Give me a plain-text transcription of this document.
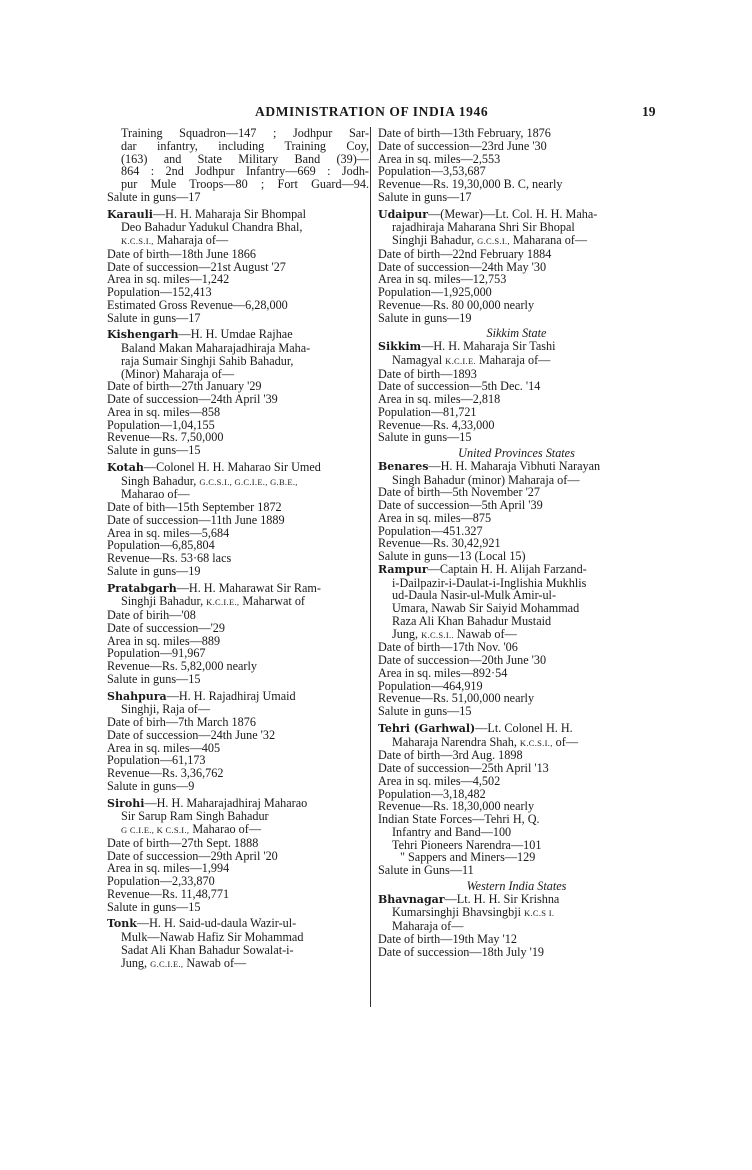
ADMINISTRATION OF INDIA 1946	19
Training Squadron—147 ; Jodhpur Sar-
dar infantry, including Training Coy,
(163) and State Military Band (39)—
864 : 2nd Jodhpur Infantry—669 : Jodh-
pur Mule Troops—80 ; Fort Guard—94.
Salute in guns—17
Karauli—H. H. Maharaja Sir Bhompal
Deo Bahadur Yadukul Chandra Bhal,
K.C.S.I., Maharaja of—
Date of birth—18th June 1866
Date of succession—21st August '27
Area in sq. miles—1,242
Population—152,413
Estimated Gross Revenue—6,28,000
Salute in guns—17
Kishengarh—H. H. Umdae Rajhae
Baland Makan Maharajadhiraja Maha-
raja Sumair Singhji Sahib Bahadur,
(Minor) Maharaja of—
Date of birth—27th January '29
Date of succession—24th April '39
Area in sq. miles—858
Population—1,04,155
Revenue—Rs. 7,50,000
Salute in guns—15
Kotah—Colonel H. H. Maharao Sir Umed
Singh Bahadur, G.C.S.I., G.C.I.E., G.B.E.,
Maharao of—
Date of bith—15th September 1872
Date of succession—11th June 1889
Area in sq. miles—5,684
Population—6,85,804
Revenue—Rs. 53·68 lacs
Salute in guns—19
Pratabgarh—H. H. Maharawat Sir Ram-
Singhji Bahadur, K.C.I.E., Maharwat of
Date of birih—'08
Date of succession—'29
Area in sq. miles—889
Population—91,967
Revenue—Rs. 5,82,000 nearly
Salute in guns—15
Shahpura—H. H. Rajadhiraj Umaid
Singhji, Raja of—
Date of birh—7th March 1876
Date of succession—24th June '32
Area in sq. miles—405
Population—61,173
Revenue—Rs. 3,36,762
Salute in guns—9
Sirohi—H. H. Maharajadhiraj Maharao
Sir Sarup Ram Singh Bahadur
G C.I.E., K C.S.I., Maharao of—
Date of birth—27th Sept. 1888
Date of succession—29th April '20
Area in sq. miles—1,994
Population—2,33,870
Revenue—Rs. 11,48,771
Salute in guns—15
Tonk—H. H. Said-ud-daula Wazir-ul-
Mulk—Nawab Hafiz Sir Mohammad
Sadat Ali Khan Bahadur Sowalat-i-
Jung, G.C.I.E., Nawab of—
Date of birth—13th February, 1876
Date of succession—23rd June '30
Area in sq. miles—2,553
Population—3,53,687
Revenue—Rs. 19,30,000 B. C, nearly
Salute in guns—17
Udaipur—(Mewar)—Lt. Col. H. H. Maha-
rajadhiraja Maharana Shri Sir Bhopal
Singhji Bahadur, G.C.S.I., Maharana of—
Date of birth—22nd February 1884
Date of succession—24th May '30
Area in sq. miles—12,753
Population—1,925,000
Revenue—Rs. 80 00,000 nearly
Salute in guns—19
Sikkim State
Sikkim—H. H. Maharaja Sir Tashi
Namagyal K.C.I.E. Maharaja of—
Date of birth—1893
Date of succession—5th Dec. '14
Area in sq. miles—2,818
Population—81,721
Revenue—Rs. 4,33,000
Salute in guns—15
United Provinces States
Benares—H. H. Maharaja Vibhuti Narayan
Singh Bahadur (minor) Maharaja of—
Date of birth—5th November '27
Date of succession—5th April '39
Area in sq. miles—875
Population—451.327
Revenue—Rs. 30,42,921
Salute in guns—13 (Local 15)
Rampur—Captain H. H. Alijah Farzand-
i-Dailpazir-i-Daulat-i-Inglishia Mukhlis
ud-Daula Nasir-ul-Mulk Amir-ul-
Umara, Nawab Sir Saiyid Mohammad
Raza Ali Khan Bahadur Mustaid
Jung, K.C.S.I.. Nawab of—
Date of birth—17th Nov. '06
Date of succession—20th June '30
Area in sq. miles—892·54
Population—464,919
Revenue—Rs. 51,00,000 nearly
Salute in guns—15
Tehri (Garhwal)—Lt. Colonel H. H.
Maharaja Narendra Shah, K.C.S.I., of—
Date of birth—3rd Aug. 1898
Date of succession—25th April '13
Area in sq. miles—4,502
Population—3,18,482
Revenue—Rs. 18,30,000 nearly
Indian State Forces—Tehri H, Q.
Infantry and Band—100
Tehri Pioneers Narendra—101
" Sappers and Miners—129
Salute in Guns—11
Western India States
Bhavnagar—Lt. H. H. Sir Krishna
Kumarsinghji Bhavsingbji K.C.S I.
Maharaja of—
Date of birth—19th May '12
Date of succession—18th July '19
